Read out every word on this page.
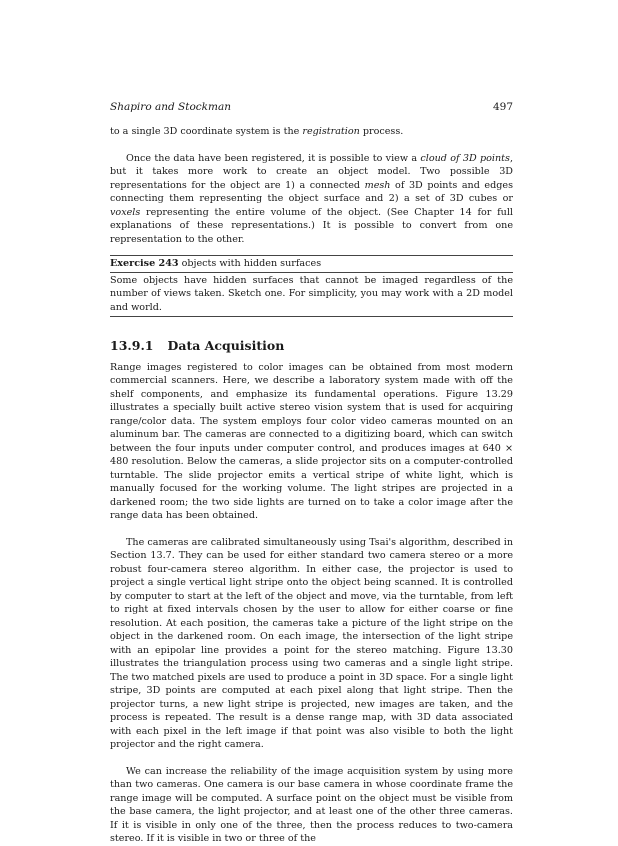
Shapiro and Stockman	497

to a single 3D coordinate system is the registration process.

Once the data have been registered, it is possible to view a cloud of 3D points, but it takes more work to create an object model. Two possible 3D representations for the object are 1) a connected mesh of 3D points and edges connecting them representing the object surface and 2) a set of 3D cubes or voxels representing the entire volume of the object. (See Chapter 14 for full explanations of these representations.) It is possible to convert from one representation to the other.

Exercise 243 objects with hidden surfaces
Some objects have hidden surfaces that cannot be imaged regardless of the number of views taken. Sketch one. For simplicity, you may work with a 2D model and world.
13.9.1 Data Acquisition

Range images registered to color images can be obtained from most modern commercial scanners. Here, we describe a laboratory system made with off the shelf components, and emphasize its fundamental operations. Figure 13.29 illustrates a specially built active stereo vision system that is used for acquiring range/color data. The system employs four color video cameras mounted on an aluminum bar. The cameras are connected to a digitizing board, which can switch between the four inputs under computer control, and produces images at 640 × 480 resolution. Below the cameras, a slide projector sits on a computer-controlled turntable. The slide projector emits a vertical stripe of white light, which is manually focused for the working volume. The light stripes are projected in a darkened room; the two side lights are turned on to take a color image after the range data has been obtained.

The cameras are calibrated simultaneously using Tsai's algorithm, described in Section 13.7. They can be used for either standard two camera stereo or a more robust four-camera stereo algorithm. In either case, the projector is used to project a single vertical light stripe onto the object being scanned. It is controlled by computer to start at the left of the object and move, via the turntable, from left to right at fixed intervals chosen by the user to allow for either coarse or fine resolution. At each position, the cameras take a picture of the light stripe on the object in the darkened room. On each image, the intersection of the light stripe with an epipolar line provides a point for the stereo matching. Figure 13.30 illustrates the triangulation process using two cameras and a single light stripe. The two matched pixels are used to produce a point in 3D space. For a single light stripe, 3D points are computed at each pixel along that light stripe. Then the projector turns, a new light stripe is projected, new images are taken, and the process is repeated. The result is a dense range map, with 3D data associated with each pixel in the left image if that point was also visible to both the light projector and the right camera.

We can increase the reliability of the image acquisition system by using more than two cameras. One camera is our base camera in whose coordinate frame the range image will be computed. A surface point on the object must be visible from the base camera, the light projector, and at least one of the other three cameras. If it is visible in only one of the three, then the process reduces to two-camera stereo. If it is visible in two or three of the
